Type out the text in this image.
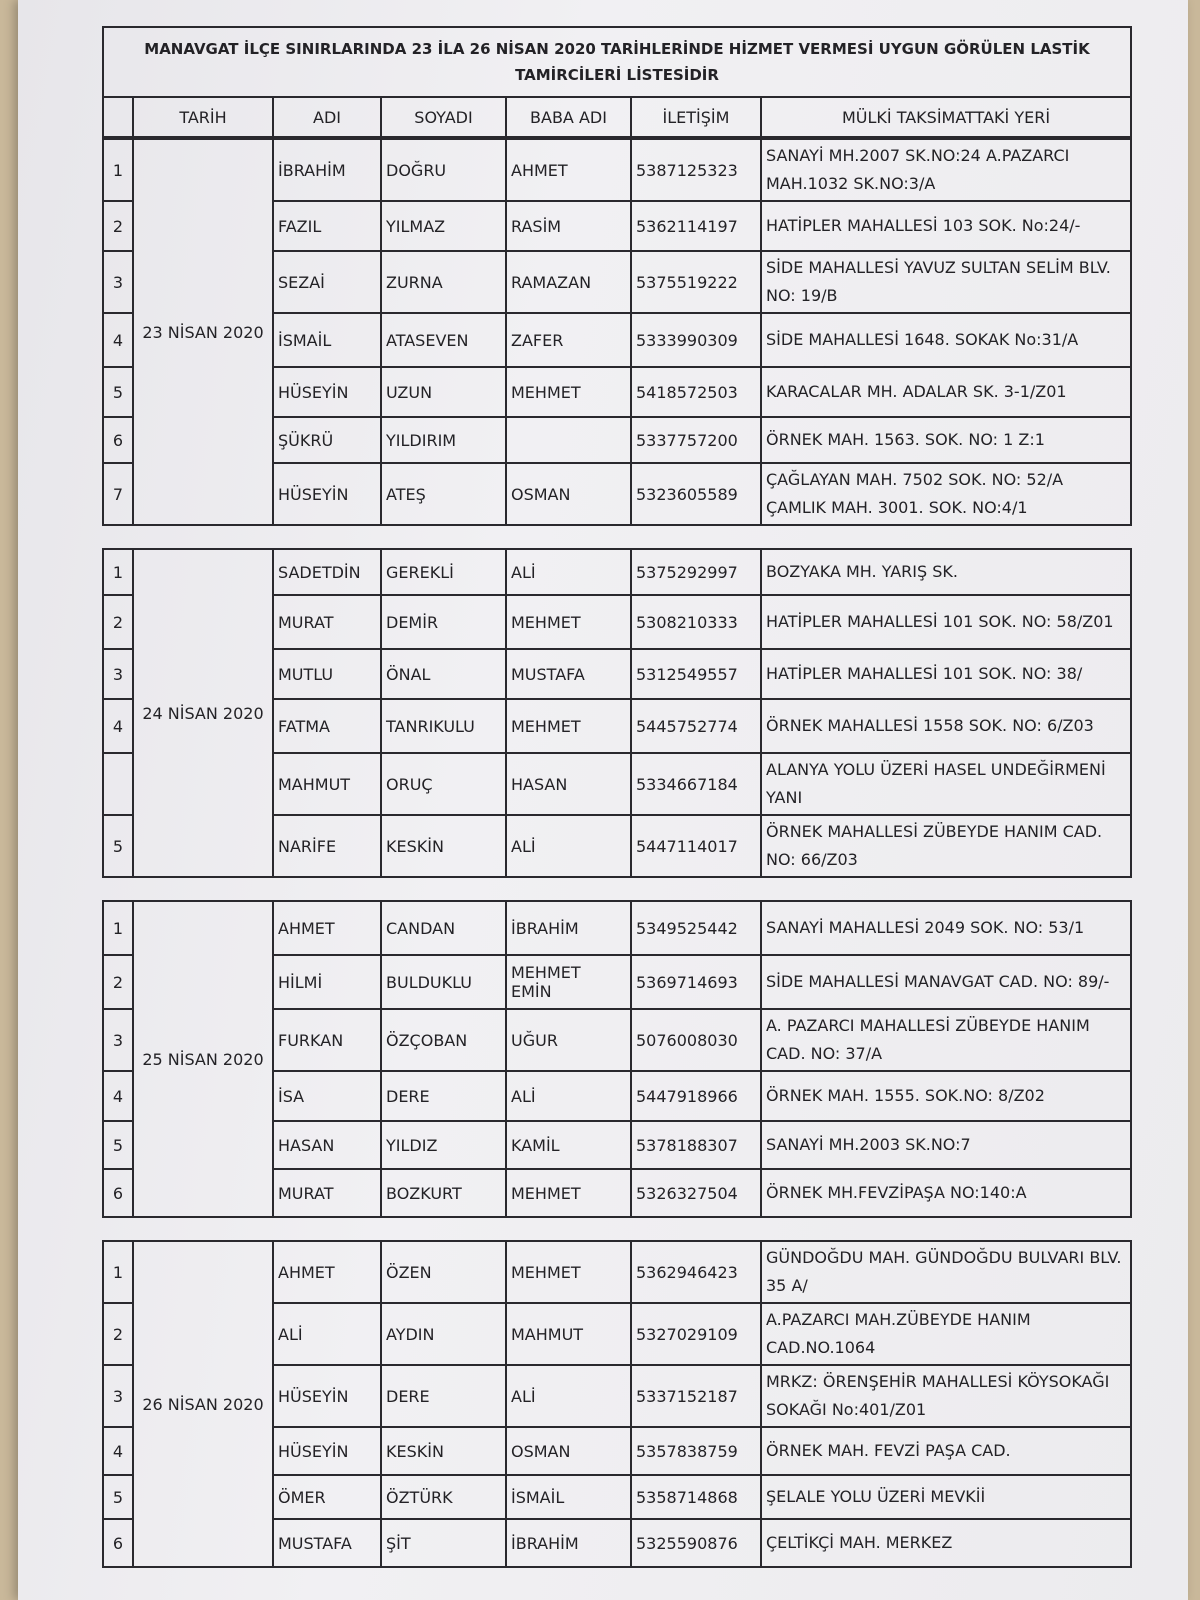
MANAVGAT İLÇE SINIRLARINDA 23 İLA 26 NİSAN 2020 TARİHLERİNDE HİZMET VERMESİ UYGUN GÖRÜLEN LASTİK TAMİRCİLERİ LİSTESİDİR
	TARİH	ADI	SOYADI	BABA ADI	İLETİŞİM	MÜLKİ TAKSİMATTAKİ YERİ
1	23 NİSAN 2020	İBRAHİM	DOĞRU	AHMET	5387125323	SANAYİ MH.2007 SK.NO:24 A.PAZARCI MAH.1032 SK.NO:3/A
2		FAZIL	YILMAZ	RASİM	5362114197	HATİPLER MAHALLESİ 103 SOK. No:24/-
3		SEZAİ	ZURNA	RAMAZAN	5375519222	SİDE MAHALLESİ YAVUZ SULTAN SELİM BLV. NO: 19/B
4		İSMAİL	ATASEVEN	ZAFER	5333990309	SİDE MAHALLESİ 1648. SOKAK No:31/A
5		HÜSEYİN	UZUN	MEHMET	5418572503	KARACALAR MH. ADALAR SK. 3-1/Z01
6		ŞÜKRÜ	YILDIRIM		5337757200	ÖRNEK MAH. 1563. SOK. NO: 1 Z:1
7		HÜSEYİN	ATEŞ	OSMAN	5323605589	ÇAĞLAYAN MAH. 7502 SOK. NO: 52/A ÇAMLIK MAH. 3001. SOK. NO:4/1
1	24 NİSAN 2020	SADETDİN	GEREKLİ	ALİ	5375292997	BOZYAKA MH. YARIŞ SK.
2		MURAT	DEMİR	MEHMET	5308210333	HATİPLER MAHALLESİ 101 SOK. NO: 58/Z01
3		MUTLU	ÖNAL	MUSTAFA	5312549557	HATİPLER MAHALLESİ 101 SOK. NO: 38/
4		FATMA	TANRIKULU	MEHMET	5445752774	ÖRNEK MAHALLESİ 1558 SOK. NO: 6/Z03
		MAHMUT	ORUÇ	HASAN	5334667184	ALANYA YOLU ÜZERİ HASEL UNDEĞİRMENİ YANI
5		NARİFE	KESKİN	ALİ	5447114017	ÖRNEK MAHALLESİ ZÜBEYDE HANIM CAD. NO: 66/Z03
1	25 NİSAN 2020	AHMET	CANDAN	İBRAHİM	5349525442	SANAYİ MAHALLESİ 2049 SOK. NO: 53/1
2		HİLMİ	BULDUKLU	MEHMET EMİN	5369714693	SİDE MAHALLESİ MANAVGAT CAD. NO: 89/-
3		FURKAN	ÖZÇOBAN	UĞUR	5076008030	A. PAZARCI MAHALLESİ ZÜBEYDE HANIM CAD. NO: 37/A
4		İSA	DERE	ALİ	5447918966	ÖRNEK MAH. 1555. SOK.NO: 8/Z02
5		HASAN	YILDIZ	KAMİL	5378188307	SANAYİ MH.2003 SK.NO:7
6		MURAT	BOZKURT	MEHMET	5326327504	ÖRNEK MH.FEVZİPAŞA NO:140:A
1	26 NİSAN 2020	AHMET	ÖZEN	MEHMET	5362946423	GÜNDOĞDU MAH. GÜNDOĞDU BULVARI BLV. 35 A/
2		ALİ	AYDIN	MAHMUT	5327029109	A.PAZARCI MAH.ZÜBEYDE HANIM CAD.NO.1064
3		HÜSEYİN	DERE	ALİ	5337152187	MRKZ: ÖRENŞEHİR MAHALLESİ KÖYSOKAĞI SOKAĞI No:401/Z01
4		HÜSEYİN	KESKİN	OSMAN	5357838759	ÖRNEK MAH. FEVZİ PAŞA CAD.
5		ÖMER	ÖZTÜRK	İSMAİL	5358714868	ŞELALE YOLU ÜZERİ MEVKİİ
6		MUSTAFA	ŞİT	İBRAHİM	5325590876	ÇELTİKÇİ MAH. MERKEZ
